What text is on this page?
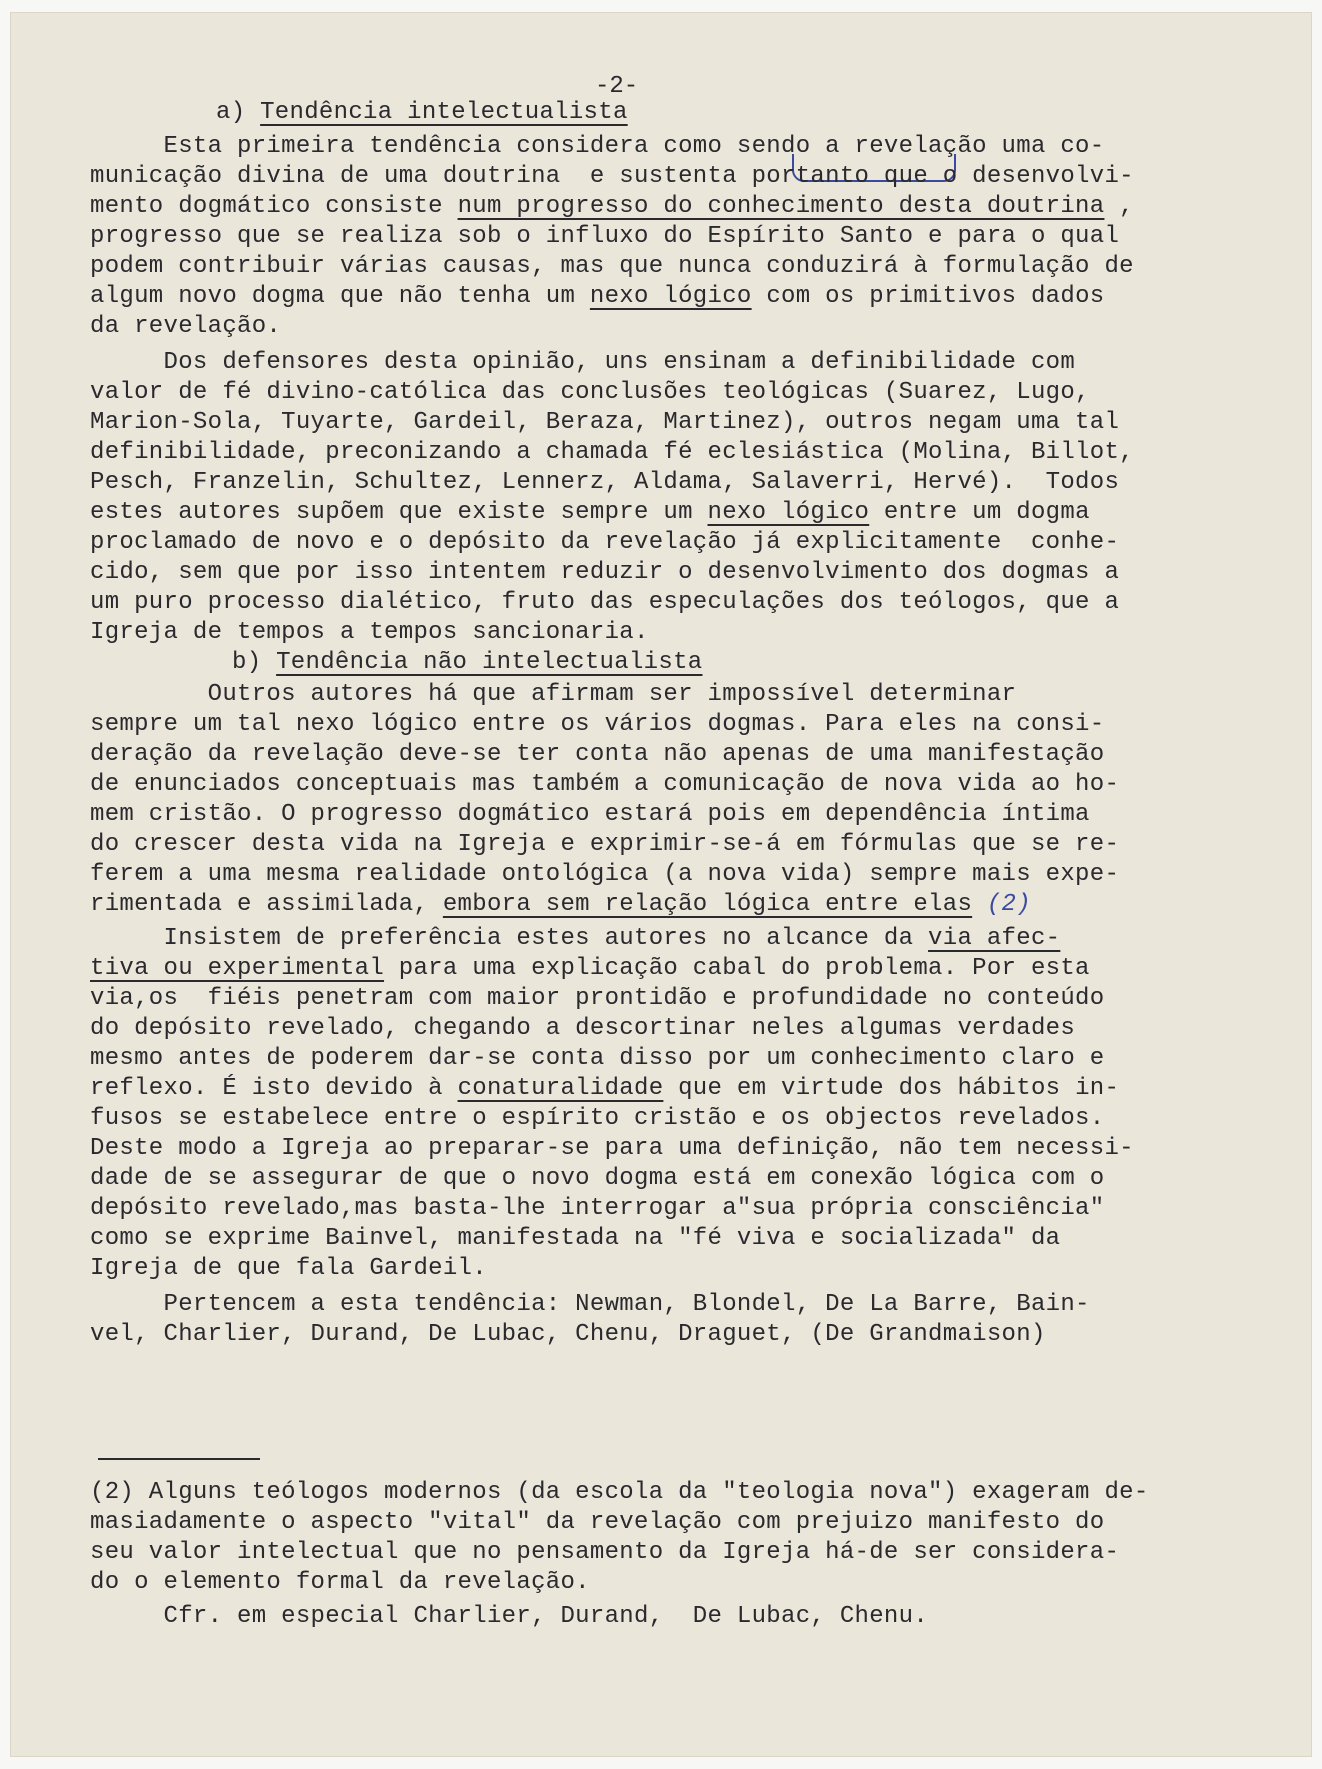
-2-
a) Tendência intelectualista
Esta primeira tendência considera como sendo a revelação uma co-
municação divina de uma doutrina  e sustenta portanto que o desenvolvi-
mento dogmático consiste num progresso do conhecimento desta doutrina ,
progresso que se realiza sob o influxo do Espírito Santo e para o qual
podem contribuir várias causas, mas que nunca conduzirá à formulação de
algum novo dogma que não tenha um nexo lógico com os primitivos dados
da revelação.
Dos defensores desta opinião, uns ensinam a definibilidade com
valor de fé divino-católica das conclusões teológicas (Suarez, Lugo,
Marion-Sola, Tuyarte, Gardeil, Beraza, Martinez), outros negam uma tal
definibilidade, preconizando a chamada fé eclesiástica (Molina, Billot,
Pesch, Franzelin, Schultez, Lennerz, Aldama, Salaverri, Hervé).  Todos
estes autores supõem que existe sempre um nexo lógico entre um dogma
proclamado de novo e o depósito da revelação já explicitamente  conhe-
cido, sem que por isso intentem reduzir o desenvolvimento dos dogmas a
um puro processo dialético, fruto das especulações dos teólogos, que a
Igreja de tempos a tempos sancionaria.
b) Tendência não intelectualista
Outros autores há que afirmam ser impossível determinar
sempre um tal nexo lógico entre os vários dogmas. Para eles na consi-
deração da revelação deve-se ter conta não apenas de uma manifestação
de enunciados conceptuais mas também a comunicação de nova vida ao ho-
mem cristão. O progresso dogmático estará pois em dependência íntima
do crescer desta vida na Igreja e exprimir-se-á em fórmulas que se re-
ferem a uma mesma realidade ontológica (a nova vida) sempre mais expe-
rimentada e assimilada, embora sem relação lógica entre elas (2)
Insistem de preferência estes autores no alcance da via afec-
tiva ou experimental para uma explicação cabal do problema. Por esta
via,os  fiéis penetram com maior prontidão e profundidade no conteúdo
do depósito revelado, chegando a descortinar neles algumas verdades
mesmo antes de poderem dar-se conta disso por um conhecimento claro e
reflexo. É isto devido à conaturalidade que em virtude dos hábitos in-
fusos se estabelece entre o espírito cristão e os objectos revelados.
Deste modo a Igreja ao preparar-se para uma definição, não tem necessi-
dade de se assegurar de que o novo dogma está em conexão lógica com o
depósito revelado,mas basta-lhe interrogar a"sua própria consciência"
como se exprime Bainvel, manifestada na "fé viva e socializada" da
Igreja de que fala Gardeil.
Pertencem a esta tendência: Newman, Blondel, De La Barre, Bain-
vel, Charlier, Durand, De Lubac, Chenu, Draguet, (De Grandmaison)
(2) Alguns teólogos modernos (da escola da "teologia nova") exageram de-
masiadamente o aspecto "vital" da revelação com prejuizo manifesto do
seu valor intelectual que no pensamento da Igreja há-de ser considera-
do o elemento formal da revelação.
Cfr. em especial Charlier, Durand,  De Lubac, Chenu.
